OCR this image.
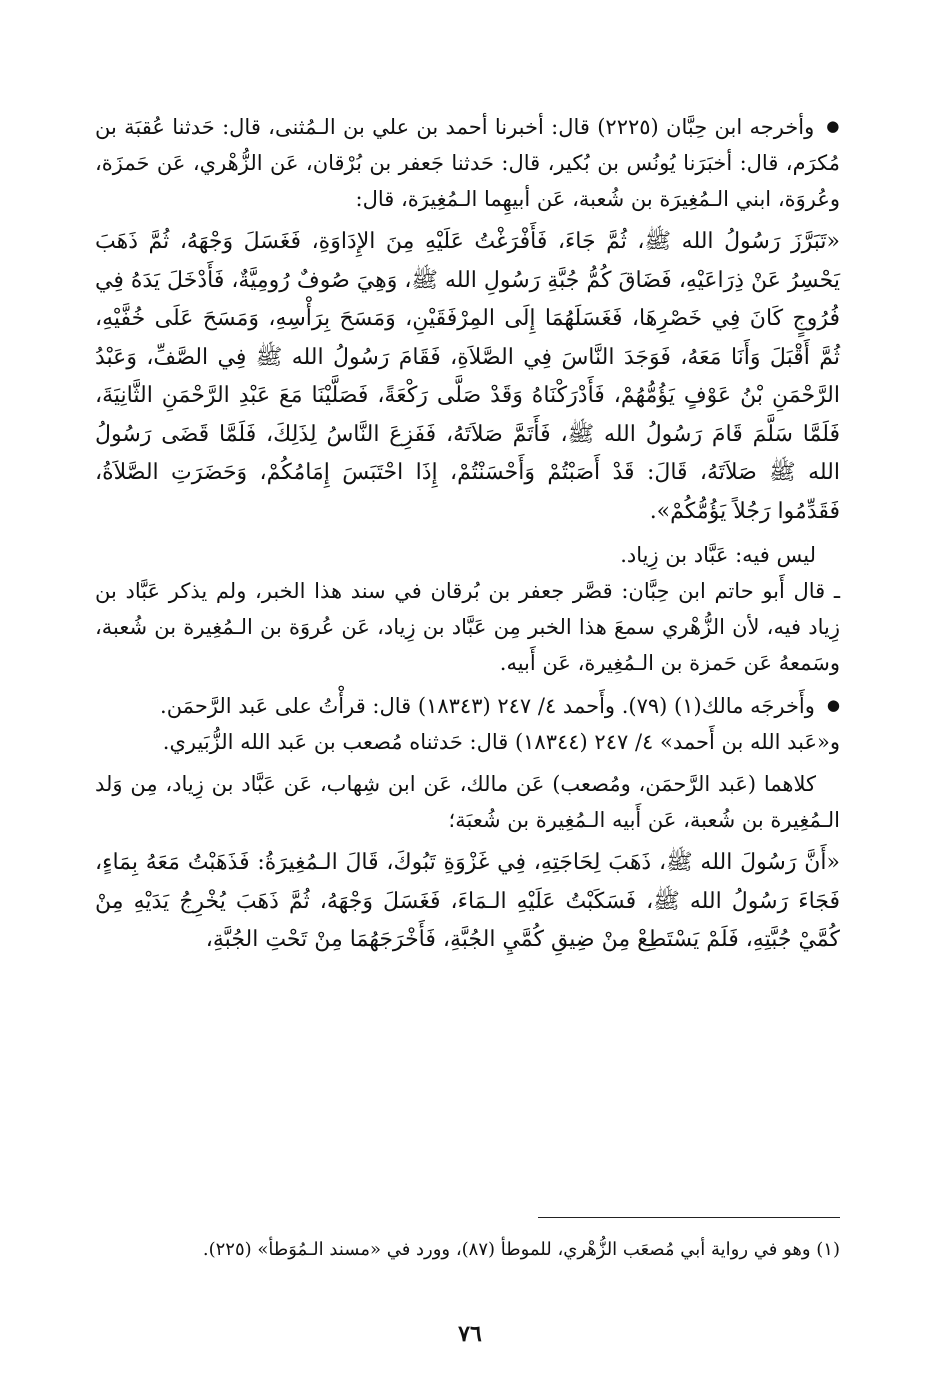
● وأخرجه ابن حِبَّان (٢٢٢٥) قال: أخبرنا أحمد بن علي بن الـمُثنى، قال: حَدثنا عُقبَة بن مُكرَم، قال: أخبَرَنا يُونُس بن بُكير، قال: حَدثنا جَعفر بن بُرْقان، عَن الزُّهْري، عَن حَمزَة، وعُروَة، ابني الـمُغِيرَة بن شُعبة، عَن أبيهِما الـمُغِيرَة، قال:

«تَبَرَّزَ رَسُولُ الله ﷺ، ثُمَّ جَاءَ، فَأَفْرَغْتُ عَلَيْهِ مِنَ الإِدَاوَةِ، فَغَسَلَ وَجْهَهُ، ثُمَّ ذَهَبَ يَحْسِرُ عَنْ ذِرَاعَيْهِ، فَضَاقَ كُمُّ جُبَّةِ رَسُولِ الله ﷺ، وَهِيَ صُوفٌ رُومِيَّةٌ، فَأَدْخَلَ يَدَهُ فِي فُرُوجٍ كَانَ فِي خَصْرِهَا، فَغَسَلَهُمَا إِلَى المِرْفَقَيْنِ، وَمَسَحَ بِرَأْسِهِ، وَمَسَحَ عَلَى خُفَّيْهِ، ثُمَّ أَقْبَلَ وَأَنَا مَعَهُ، فَوَجَدَ النَّاسَ فِي الصَّلاَةِ، فَقَامَ رَسُولُ الله ﷺ فِي الصَّفِّ، وَعَبْدُ الرَّحْمَنِ بْنُ عَوْفٍ يَؤُمُّهُمْ، فَأَدْرَكْنَاهُ وَقَدْ صَلَّى رَكْعَةً، فَصَلَّيْنَا مَعَ عَبْدِ الرَّحْمَنِ الثَّانِيَةَ، فَلَمَّا سَلَّمَ قَامَ رَسُولُ الله ﷺ، فَأَتَمَّ صَلاَتَهُ، فَفَزِعَ النَّاسُ لِذَلِكَ، فَلَمَّا قَضَى رَسُولُ الله ﷺ صَلاَتَهُ، قَالَ: قَدْ أَصَبْتُمْ وَأَحْسَنْتُمْ، إِذَا احْتَبَسَ إِمَامُكُمْ، وَحَضَرَتِ الصَّلاَةُ، فَقَدِّمُوا رَجُلاً يَؤُمُّكُمْ».

ليس فيه: عَبَّاد بن زِياد.

ـ قال أَبو حاتم ابن حِبَّان: قصَّر جعفر بن بُرقان في سند هذا الخبر، ولم يذكر عَبَّاد بن زِياد فيه، لأن الزُّهْري سمعَ هذا الخبر مِن عَبَّاد بن زِياد، عَن عُروَة بن الـمُغِيرة بن شُعبة، وسَمعهُ عَن حَمزة بن الـمُغِيرة، عَن أَبيه.

● وأَخرجَه مالك(١) (٧٩). وأَحمد ٤/ ٢٤٧ (١٨٣٤٣) قال: قرأْتُ على عَبد الرَّحمَن.

و«عَبد الله بن أَحمد» ٤/ ٢٤٧ (١٨٣٤٤) قال: حَدثناه مُصعب بن عَبد الله الزُّبَيري.

كلاهما (عَبد الرَّحمَن، ومُصعب) عَن مالك، عَن ابن شِهاب، عَن عَبَّاد بن زِياد، مِن وَلد الـمُغِيرة بن شُعبة، عَن أَبيه الـمُغِيرة بن شُعبَة؛

«أَنَّ رَسُولَ الله ﷺ، ذَهَبَ لِحَاجَتِهِ، فِي غَزْوَةِ تَبُوكَ، قَالَ الـمُغِيرَةُ: فَذَهَبْتُ مَعَهُ بِمَاءٍ، فَجَاءَ رَسُولُ الله ﷺ، فَسَكَبْتُ عَلَيْهِ الـمَاءَ، فَغَسَلَ وَجْهَهُ، ثُمَّ ذَهَبَ يُخْرِجُ يَدَيْهِ مِنْ كُمَّيْ جُبَّتِهِ، فَلَمْ يَسْتَطِعْ مِنْ ضِيقِ كُمَّيِ الجُبَّةِ، فَأَخْرَجَهُمَا مِنْ تَحْتِ الجُبَّةِ،

(١) وهو في رواية أبي مُصعَب الزُّهْري، للموطأ (٨٧)، وورد في «مسند الـمُوَطأ» (٢٢٥).
٧٦
